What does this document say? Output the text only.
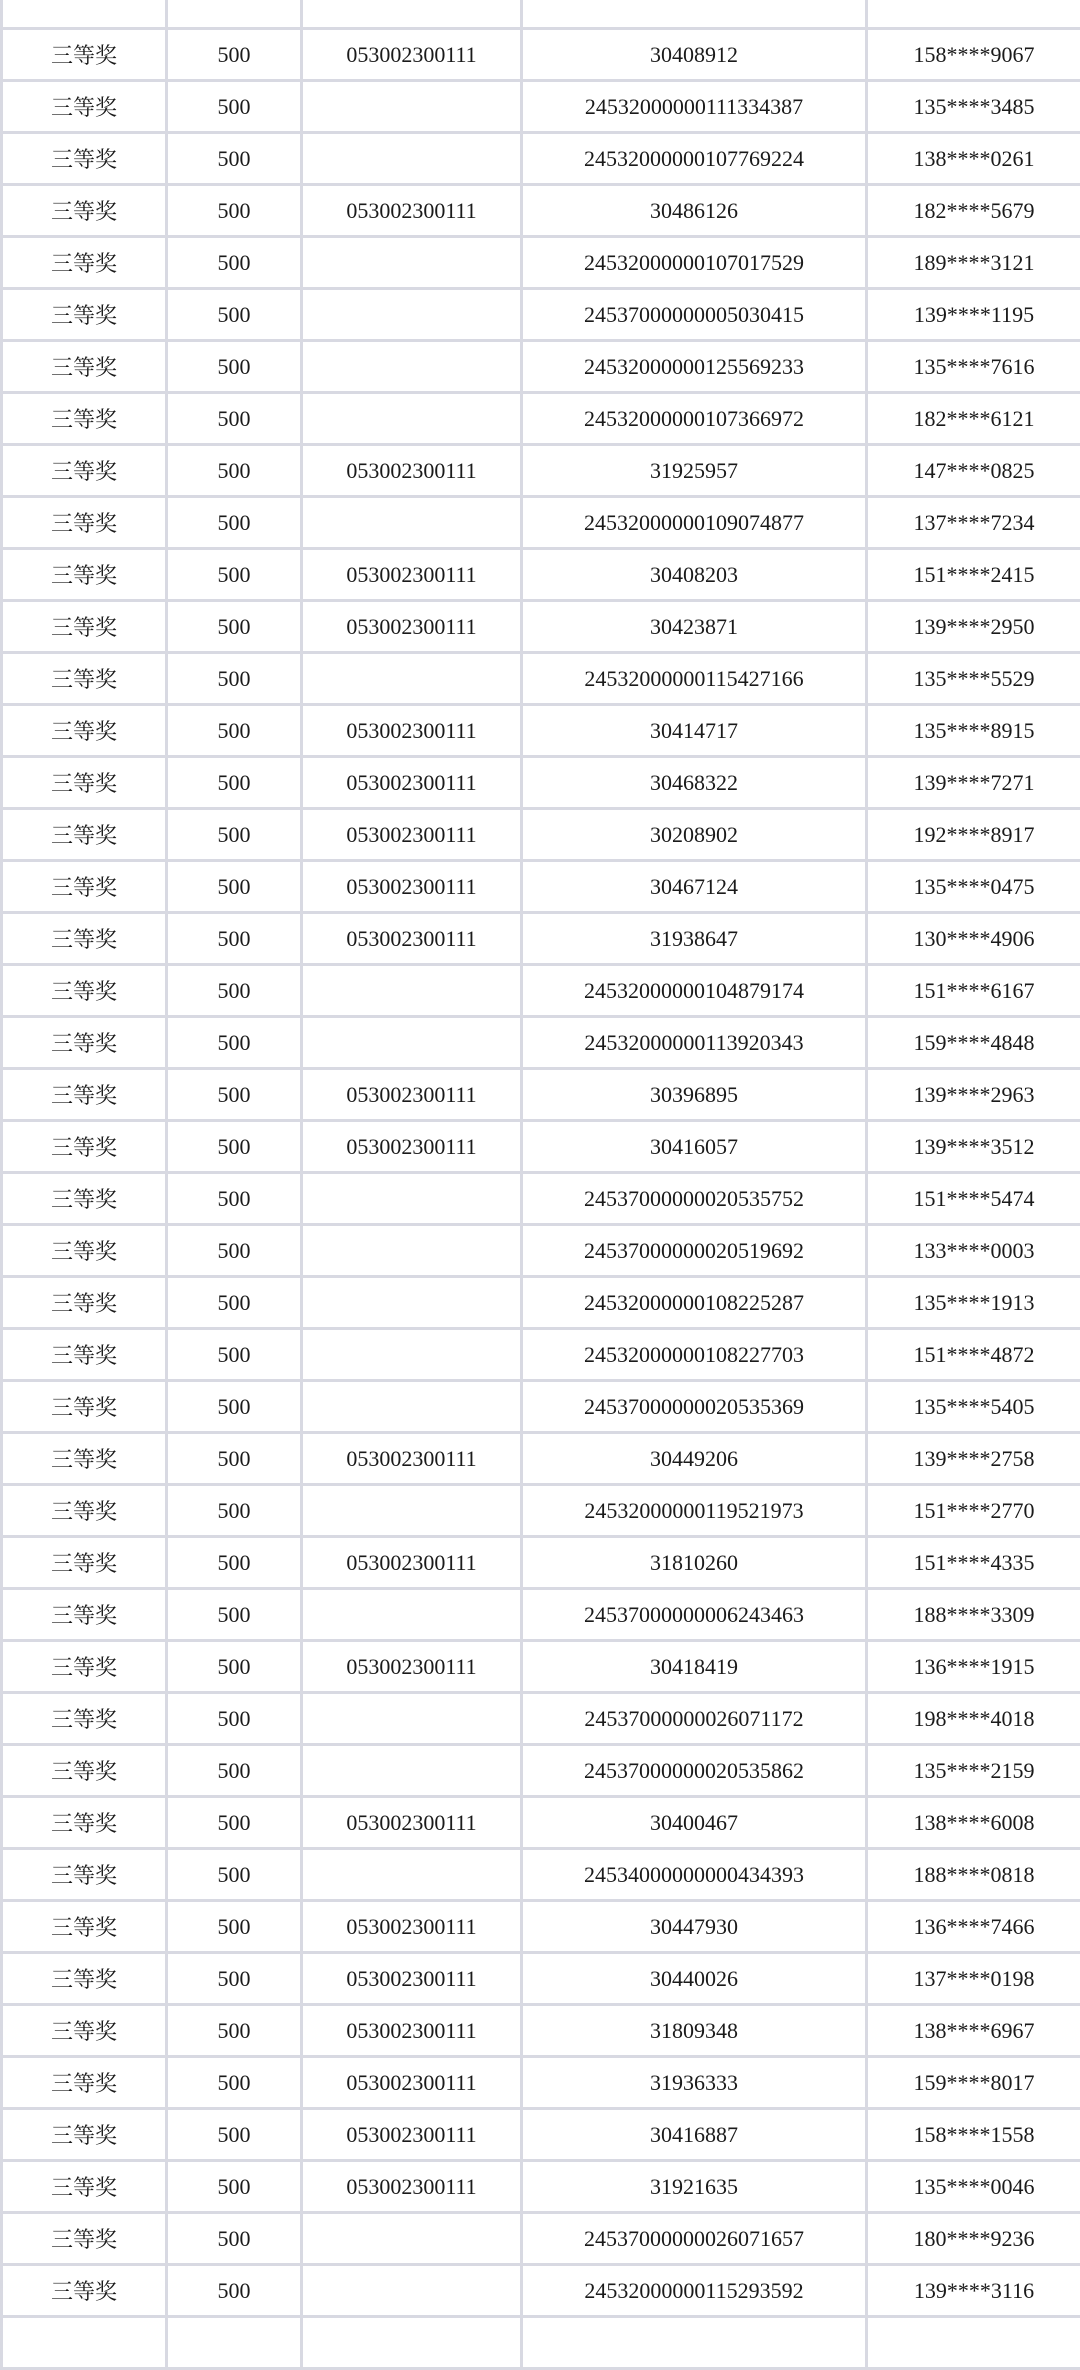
三等奖	500	053002300111	30408912	158****9067
三等奖	500		24532000000111334387	135****3485
三等奖	500		24532000000107769224	138****0261
三等奖	500	053002300111	30486126	182****5679
三等奖	500		24532000000107017529	189****3121
三等奖	500		24537000000005030415	139****1195
三等奖	500		24532000000125569233	135****7616
三等奖	500		24532000000107366972	182****6121
三等奖	500	053002300111	31925957	147****0825
三等奖	500		24532000000109074877	137****7234
三等奖	500	053002300111	30408203	151****2415
三等奖	500	053002300111	30423871	139****2950
三等奖	500		24532000000115427166	135****5529
三等奖	500	053002300111	30414717	135****8915
三等奖	500	053002300111	30468322	139****7271
三等奖	500	053002300111	30208902	192****8917
三等奖	500	053002300111	30467124	135****0475
三等奖	500	053002300111	31938647	130****4906
三等奖	500		24532000000104879174	151****6167
三等奖	500		24532000000113920343	159****4848
三等奖	500	053002300111	30396895	139****2963
三等奖	500	053002300111	30416057	139****3512
三等奖	500		24537000000020535752	151****5474
三等奖	500		24537000000020519692	133****0003
三等奖	500		24532000000108225287	135****1913
三等奖	500		24532000000108227703	151****4872
三等奖	500		24537000000020535369	135****5405
三等奖	500	053002300111	30449206	139****2758
三等奖	500		24532000000119521973	151****2770
三等奖	500	053002300111	31810260	151****4335
三等奖	500		24537000000006243463	188****3309
三等奖	500	053002300111	30418419	136****1915
三等奖	500		24537000000026071172	198****4018
三等奖	500		24537000000020535862	135****2159
三等奖	500	053002300111	30400467	138****6008
三等奖	500		24534000000000434393	188****0818
三等奖	500	053002300111	30447930	136****7466
三等奖	500	053002300111	30440026	137****0198
三等奖	500	053002300111	31809348	138****6967
三等奖	500	053002300111	31936333	159****8017
三等奖	500	053002300111	30416887	158****1558
三等奖	500	053002300111	31921635	135****0046
三等奖	500		24537000000026071657	180****9236
三等奖	500		24532000000115293592	139****3116
